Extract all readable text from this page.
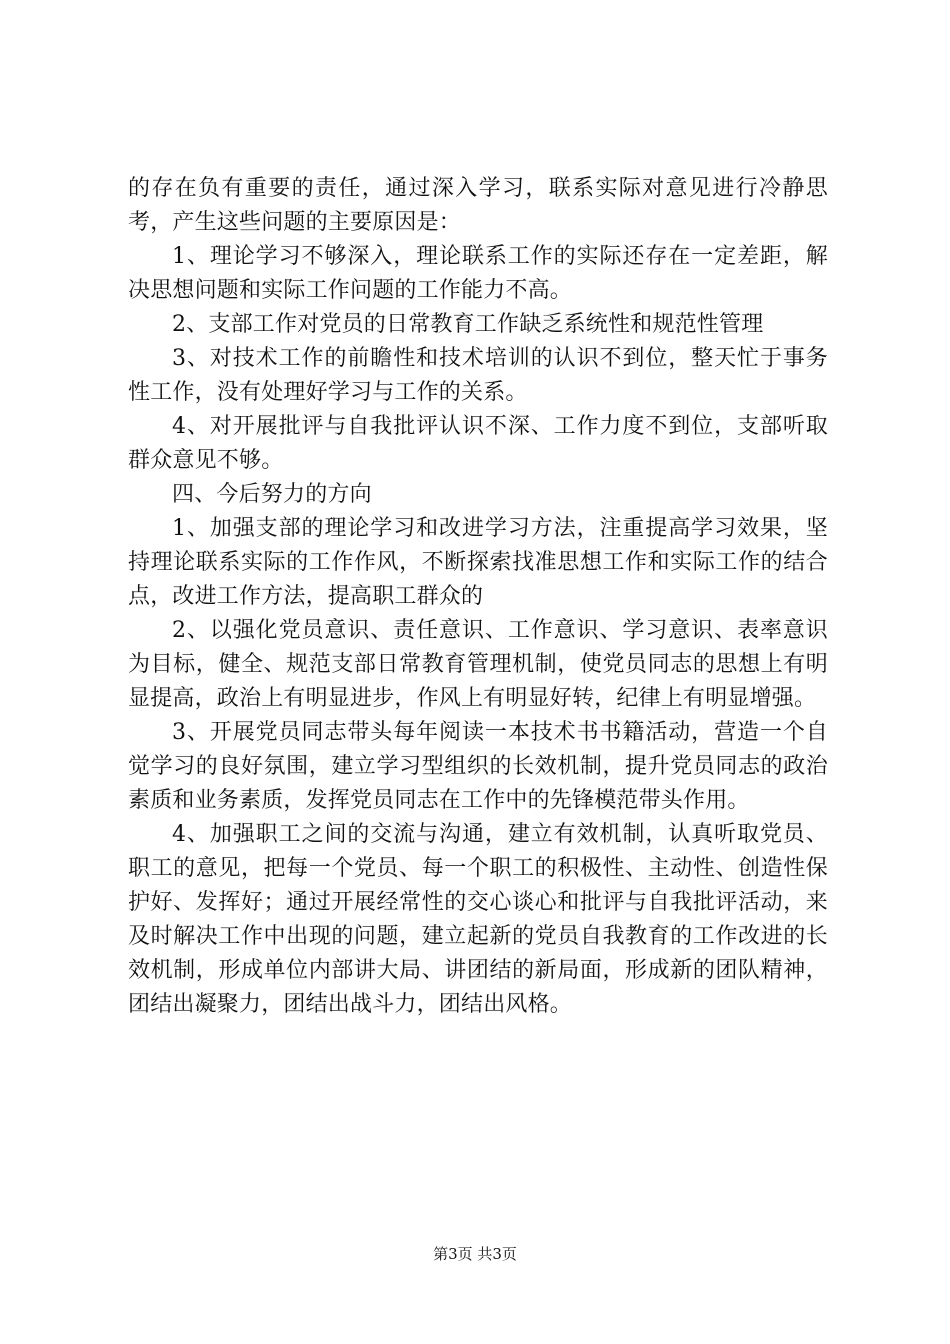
的存在负有重要的责任，通过深入学习，联系实际对意见进行冷静思考，产生这些问题的主要原因是：

1、理论学习不够深入，理论联系工作的实际还存在一定差距，解决思想问题和实际工作问题的工作能力不高。

2、支部工作对党员的日常教育工作缺乏系统性和规范性管理

3、对技术工作的前瞻性和技术培训的认识不到位，整天忙于事务性工作，没有处理好学习与工作的关系。

4、对开展批评与自我批评认识不深、工作力度不到位，支部听取群众意见不够。

四、今后努力的方向

1、加强支部的理论学习和改进学习方法，注重提高学习效果，坚持理论联系实际的工作作风，不断探索找准思想工作和实际工作的结合点，改进工作方法，提高职工群众的

2、以强化党员意识、责任意识、工作意识、学习意识、表率意识为目标，健全、规范支部日常教育管理机制，使党员同志的思想上有明显提高，政治上有明显进步，作风上有明显好转，纪律上有明显增强。

3、开展党员同志带头每年阅读一本技术书书籍活动，营造一个自觉学习的良好氛围，建立学习型组织的长效机制，提升党员同志的政治素质和业务素质，发挥党员同志在工作中的先锋模范带头作用。

4、加强职工之间的交流与沟通，建立有效机制，认真听取党员、职工的意见，把每一个党员、每一个职工的积极性、主动性、创造性保护好、发挥好；通过开展经常性的交心谈心和批评与自我批评活动，来及时解决工作中出现的问题，建立起新的党员自我教育的工作改进的长效机制，形成单位内部讲大局、讲团结的新局面，形成新的团队精神，团结出凝聚力，团结出战斗力，团结出风格。

第3页 共3页
